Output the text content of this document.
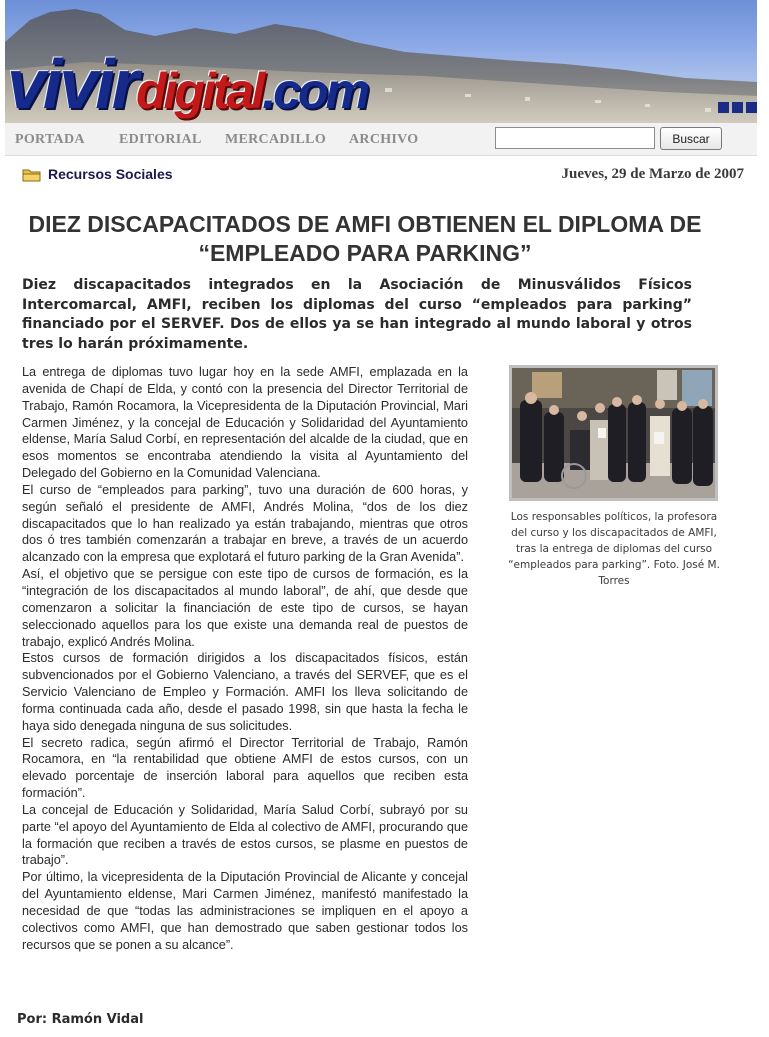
vivirdigital.com
PORTADA EDITORIAL MERCADILLO ARCHIVO	Buscar
Recursos Sociales	Jueves, 29 de Marzo de 2007
DIEZ DISCAPACITADOS DE AMFI OBTIENEN EL DIPLOMA DE “EMPLEADO PARA PARKING”

Diez discapacitados integrados en la Asociación de Minusválidos Físicos Intercomarcal, AMFI, reciben los diplomas del curso “empleados para parking” financiado por el SERVEF. Dos de ellos ya se han integrado al mundo laboral y otros tres lo harán próximamente.

La entrega de diplomas tuvo lugar hoy en la sede AMFI, emplazada en la avenida de Chapí de Elda, y contó con la presencia del Director Territorial de Trabajo, Ramón Rocamora, la Vicepresidenta de la Diputación Provincial, Mari Carmen Jiménez, y la concejal de Educación y Solidaridad del Ayuntamiento eldense, María Salud Corbí, en representación del alcalde de la ciudad, que en esos momentos se encontraba atendiendo la visita al Ayuntamiento del Delegado del Gobierno en la Comunidad Valenciana.

El curso de “empleados para parking”, tuvo una duración de 600 horas, y según señaló el presidente de AMFI, Andrés Molina, “dos de los diez discapacitados que lo han realizado ya están trabajando, mientras que otros dos ó tres también comenzarán a trabajar en breve, a través de un acuerdo alcanzado con la empresa que explotará el futuro parking de la Gran Avenida”.

Así, el objetivo que se persigue con este tipo de cursos de formación, es la “integración de los discapacitados al mundo laboral”, de ahí, que desde que comenzaron a solicitar la financiación de este tipo de cursos, se hayan seleccionado aquellos para los que existe una demanda real de puestos de trabajo, explicó Andrés Molina.

Estos cursos de formación dirigidos a los discapacitados físicos, están subvencionados por el Gobierno Valenciano, a través del SERVEF, que es el Servicio Valenciano de Empleo y Formación. AMFI los lleva solicitando de forma continuada cada año, desde el pasado 1998, sin que hasta la fecha le haya sido denegada ninguna de sus solicitudes.

El secreto radica, según afirmó el Director Territorial de Trabajo, Ramón Rocamora, en “la rentabilidad que obtiene AMFI de estos cursos, con un elevado porcentaje de inserción laboral para aquellos que reciben esta formación”.

La concejal de Educación y Solidaridad, María Salud Corbí, subrayó por su parte “el apoyo del Ayuntamiento de Elda al colectivo de AMFI, procurando que la formación que reciben a través de estos cursos, se plasme en puestos de trabajo”.

Por último, la vicepresidenta de la Diputación Provincial de Alicante y concejal del Ayuntamiento eldense, Mari Carmen Jiménez, manifestó manifestado la necesidad de que “todas las administraciones se impliquen en el apoyo a colectivos como AMFI, que han demostrado que saben gestionar todos los recursos que se ponen a su alcance”.

Los responsables políticos, la profesora del curso y los discapacitados de AMFI, tras la entrega de diplomas del curso “empleados para parking”. Foto. José M. Torres

Por: Ramón Vidal
